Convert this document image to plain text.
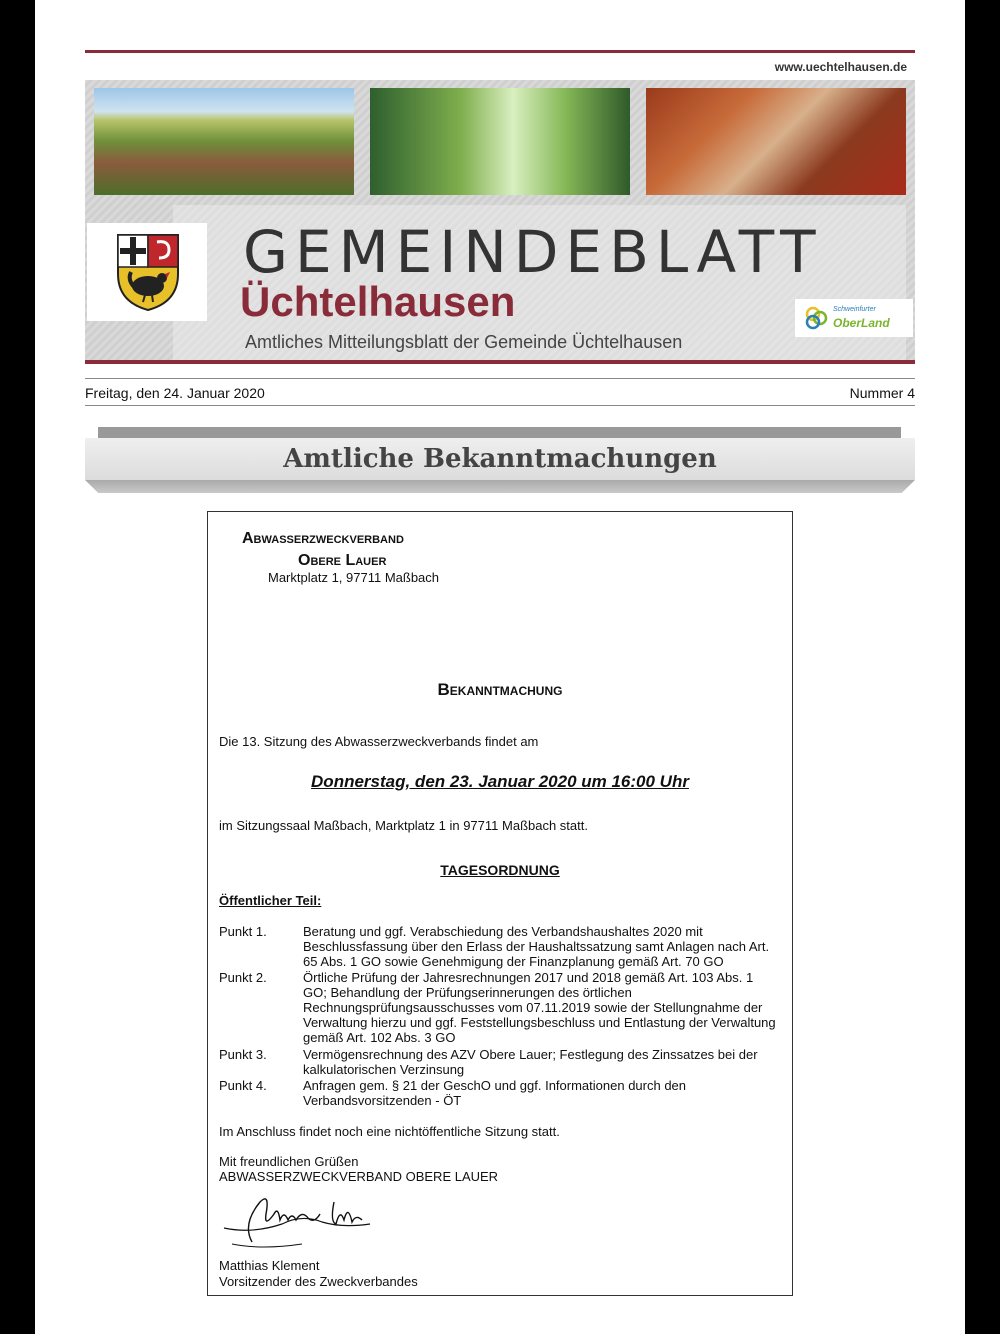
www.uechtelhausen.de
GEMEINDEBLATT
Üchtelhausen
Amtliches Mitteilungsblatt der Gemeinde Üchtelhausen
Schweinfurter
OberLand
Freitag, den 24. Januar 2020	Nummer 4
Amtliche Bekanntmachungen
Abwasserzweckverband
Obere Lauer
Marktplatz 1, 97711 Maßbach
Bekanntmachung
Die 13. Sitzung des Abwasserzweckverbands findet am
Donnerstag, den 23. Januar 2020 um 16:00 Uhr
im Sitzungssaal Maßbach, Marktplatz 1 in 97711 Maßbach statt.
TAGESORDNUNG
Öffentlicher Teil:
Punkt 1.	Beratung und ggf. Verabschiedung des Verbandshaushaltes 2020 mit Beschlussfassung über den Erlass der Haushaltssatzung samt Anlagen nach Art. 65 Abs. 1 GO sowie Genehmigung der Finanzplanung gemäß Art. 70 GO
Punkt 2.	Örtliche Prüfung der Jahresrechnungen 2017 und 2018 gemäß Art. 103 Abs. 1 GO; Behandlung der Prüfungserinnerungen des örtlichen Rechnungsprüfungsausschusses vom 07.11.2019 sowie der Stellungnahme der Verwaltung hierzu und ggf. Feststellungsbeschluss und Entlastung der Verwaltung gemäß Art. 102 Abs. 3 GO
Punkt 3.	Vermögensrechnung des AZV Obere Lauer; Festlegung des Zinssatzes bei der kalkulatorischen Verzinsung
Punkt 4.	Anfragen gem. § 21 der GeschO und ggf. Informationen durch den Verbandsvorsitzenden - ÖT
Im Anschluss findet noch eine nichtöffentliche Sitzung statt.
Mit freundlichen Grüßen
ABWASSERZWECKVERBAND OBERE LAUER
Matthias Klement
Vorsitzender des Zweckverbandes
